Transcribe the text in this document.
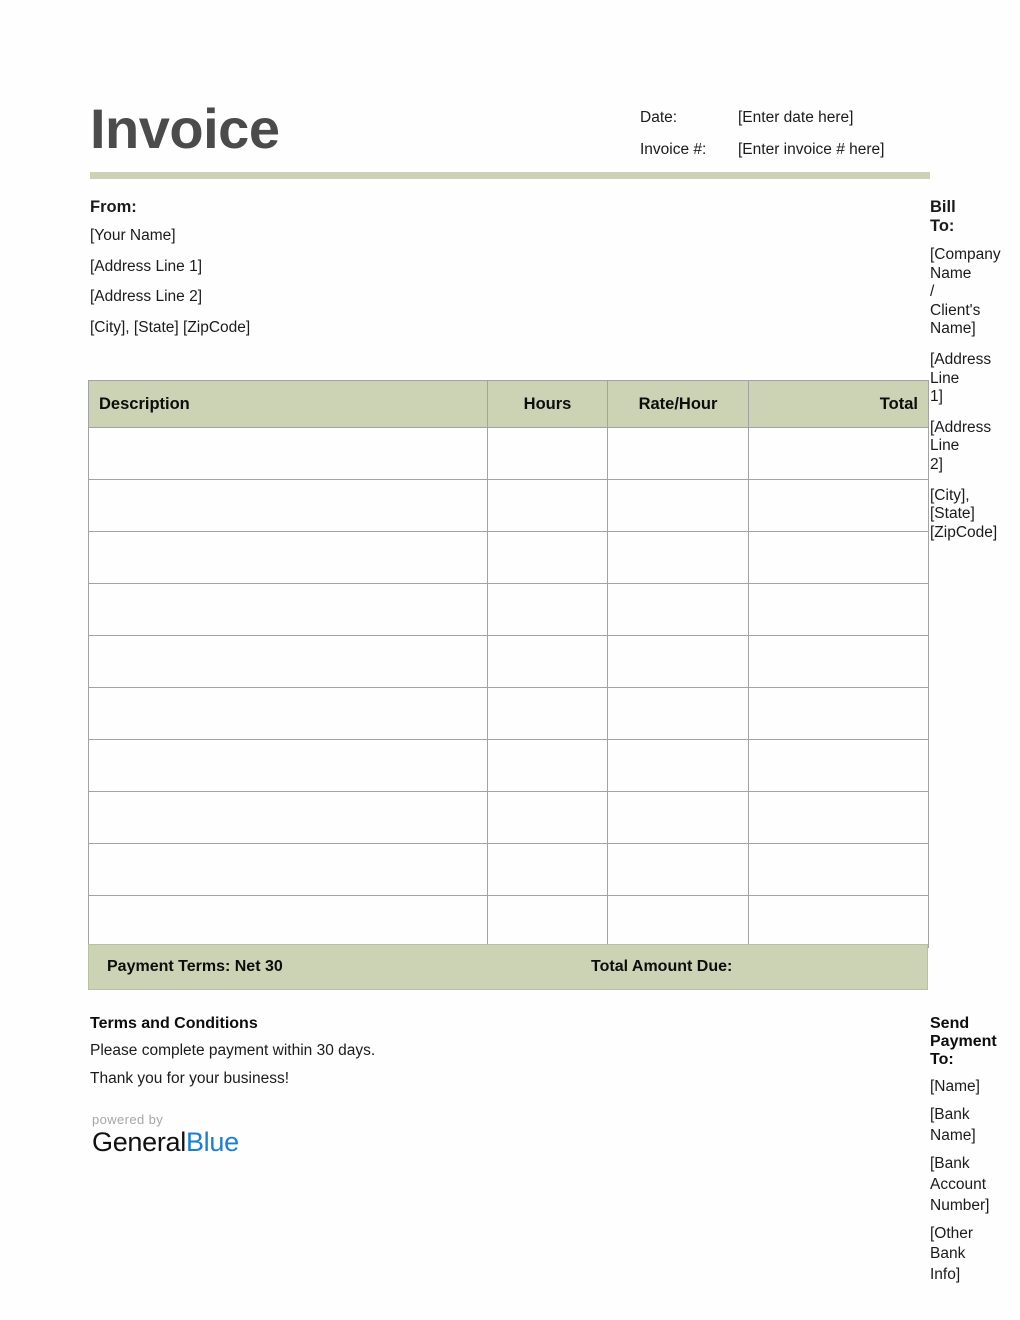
Invoice	Date:	[Enter date here]
Invoice #:	[Enter invoice # here]
From:
[Your Name]
[Address Line 1]
[Address Line 2]
[City], [State] [ZipCode]
Bill To:
[Company Name / Client's Name]
[Address Line 1]
[Address Line 2]
[City], [State] [ZipCode]
Description	Hours	Rate/Hour	Total

Payment Terms: Net 30	Total Amount Due:
Terms and Conditions
Please complete payment within 30 days.
Thank you for your business!
Send Payment To:
[Name]
[Bank Name]
[Bank Account Number]
[Other Bank Info]
powered by
GeneralBlue
